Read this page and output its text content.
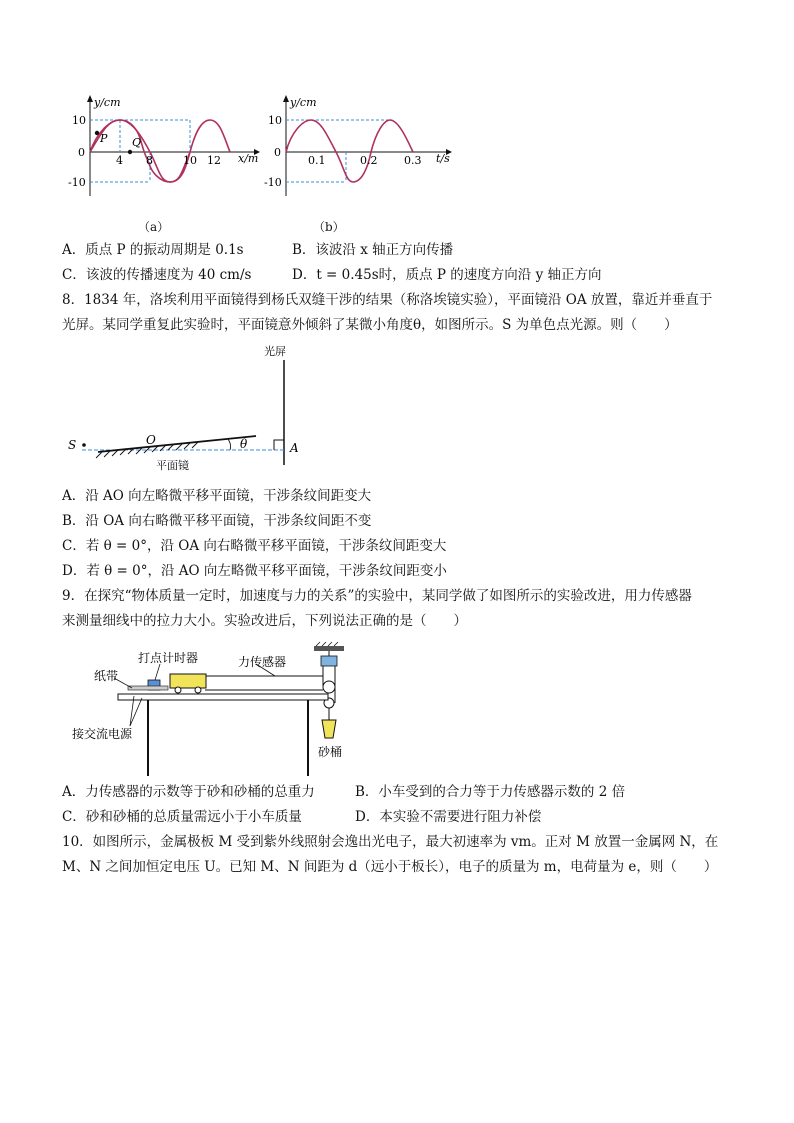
y/cm
10
0
-10
P Q
4 8	10 12 x/m
y/cm
10
0
-10
0.1	0.2 0.3 t/s
（a）	（b）
A．质点 P 的振动周期是 0.1s	B．该波沿 x 轴正方向传播
C．该波的传播速度为 40 cm/s	D．t = 0.45s时，质点 P 的速度方向沿 y 轴正方向
8．1834 年，洛埃利用平面镜得到杨氏双缝干涉的结果（称洛埃镜实验），平面镜沿 OA 放置，靠近并垂直于
光屏。某同学重复此实验时，平面镜意外倾斜了某微小角度θ，如图所示。S 为单色点光源。则（　　）
光屏
θ	A
S	O
平面镜
A．沿 AO 向左略微平移平面镜，干涉条纹间距变大
B．沿 OA 向右略微平移平面镜，干涉条纹间距不变
C．若 θ = 0°，沿 OA 向右略微平移平面镜，干涉条纹间距变大
D．若 θ = 0°，沿 AO 向左略微平移平面镜，干涉条纹间距变小
9．在探究“物体质量一定时，加速度与力的关系”的实验中，某同学做了如图所示的实验改进，用力传感器
来测量细线中的拉力大小。实验改进后，下列说法正确的是（　　）
打点计时器	力传感器
纸带
接交流电源
砂桶
A．力传感器的示数等于砂和砂桶的总重力	B．小车受到的合力等于力传感器示数的 2 倍
C．砂和砂桶的总质量需远小于小车质量	D．本实验不需要进行阻力补偿
10．如图所示，金属极板 M 受到紫外线照射会逸出光电子，最大初速率为 vm。正对 M 放置一金属网 N，在
M、N 之间加恒定电压 U。已知 M、N 间距为 d（远小于板长），电子的质量为 m，电荷量为 e，则（　　）
